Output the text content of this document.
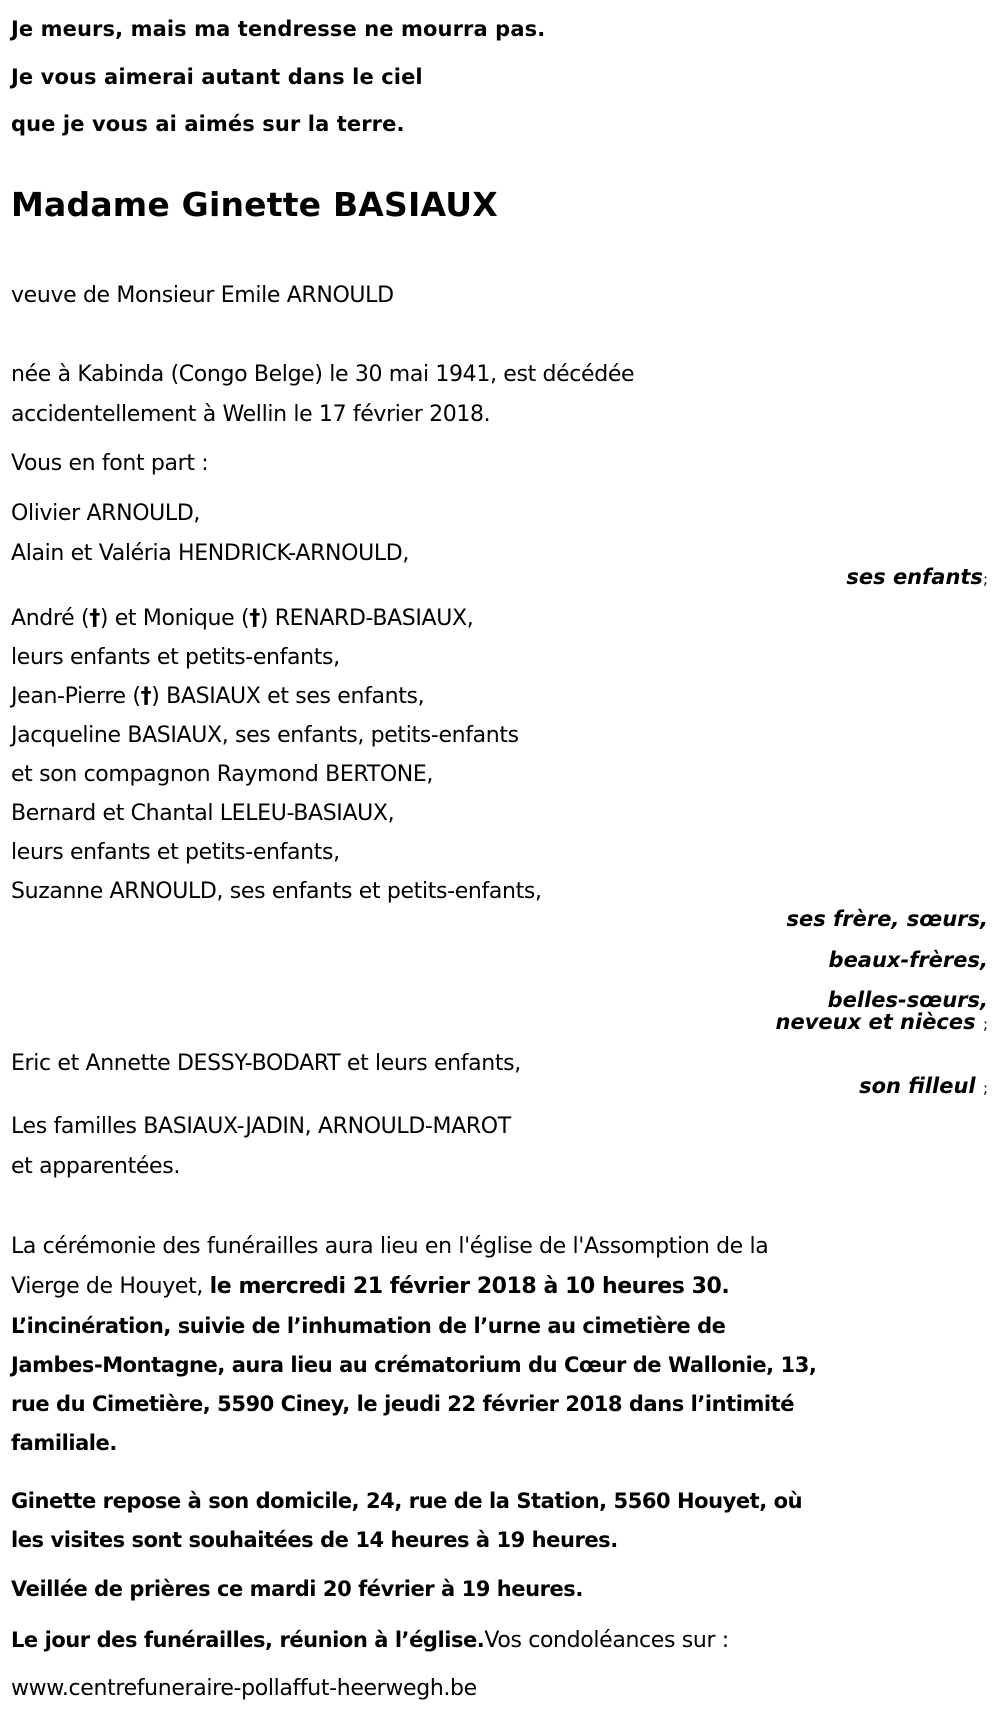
Je meurs, mais ma tendresse ne mourra pas.
Je vous aimerai autant dans le ciel
que je vous ai aimés sur la terre.
Madame Ginette BASIAUX
veuve de Monsieur Emile ARNOULD
née à Kabinda (Congo Belge) le 30 mai 1941, est décédée
accidentellement à Wellin le 17 février 2018.
Vous en font part :
Olivier ARNOULD,
Alain et Valéria HENDRICK-ARNOULD,
ses enfants;
André (†) et Monique (†) RENARD-BASIAUX,
leurs enfants et petits-enfants,
Jean-Pierre (†) BASIAUX et ses enfants,
Jacqueline BASIAUX, ses enfants, petits-enfants
et son compagnon Raymond BERTONE,
Bernard et Chantal LELEU-BASIAUX,
leurs enfants et petits-enfants,
Suzanne ARNOULD, ses enfants et petits-enfants,
ses frère, sœurs,
beaux-frères,
belles-sœurs,
neveux et nièces ;
Eric et Annette DESSY-BODART et leurs enfants,
son filleul ;
Les familles BASIAUX-JADIN, ARNOULD-MAROT
et apparentées.
La cérémonie des funérailles aura lieu en l'église de l'Assomption de la
Vierge de Houyet, le mercredi 21 février 2018 à 10 heures 30.
L’incinération, suivie de l’inhumation de l’urne au cimetière de
Jambes-Montagne, aura lieu au crématorium du Cœur de Wallonie, 13,
rue du Cimetière, 5590 Ciney, le jeudi 22 février 2018 dans l’intimité
familiale.
Ginette repose à son domicile, 24, rue de la Station, 5560 Houyet, où
les visites sont souhaitées de 14 heures à 19 heures.
Veillée de prières ce mardi 20 février à 19 heures.
Le jour des funérailles, réunion à l’église.Vos condoléances sur :
www.centrefuneraire-pollaffut-heerwegh.be
